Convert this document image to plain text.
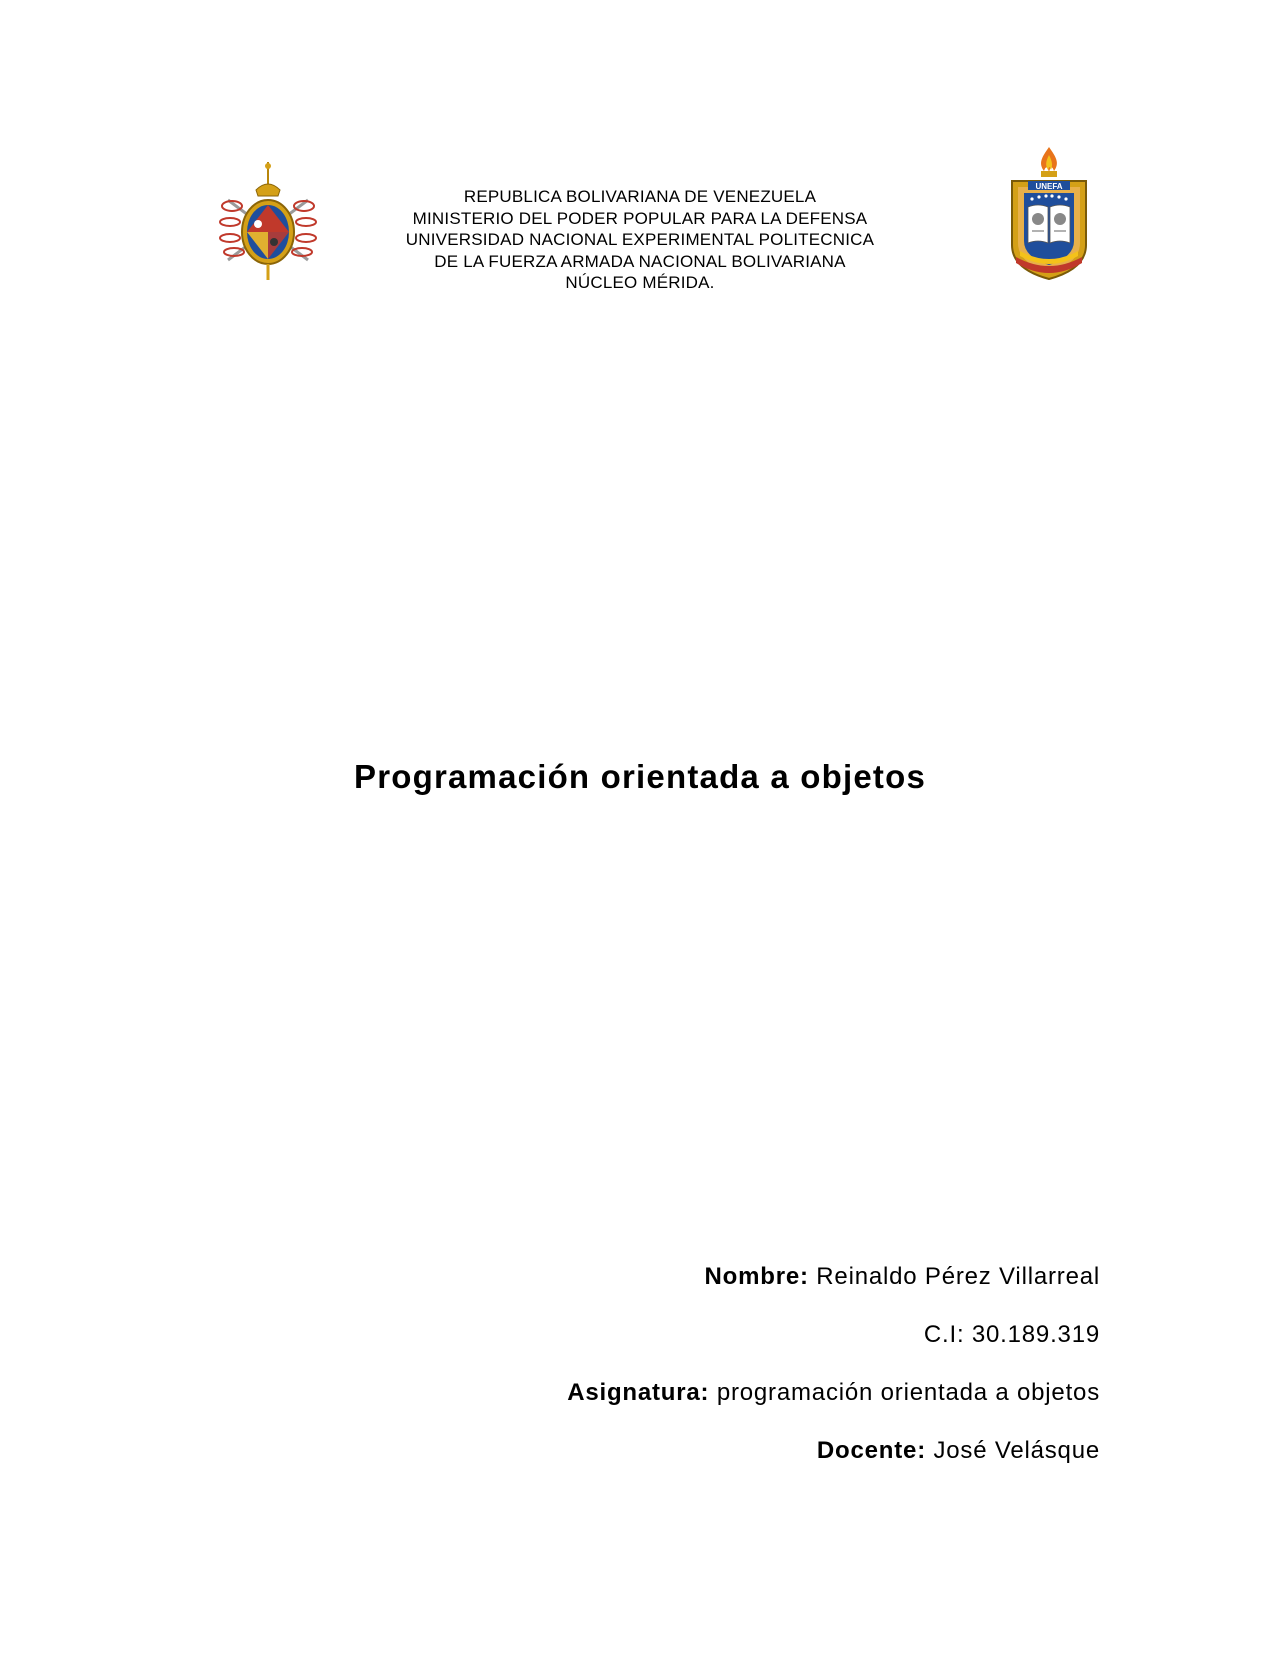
REPUBLICA BOLIVARIANA DE VENEZUELA
MINISTERIO DEL PODER POPULAR PARA LA DEFENSA
UNIVERSIDAD NACIONAL EXPERIMENTAL POLITECNICA
DE LA FUERZA ARMADA NACIONAL BOLIVARIANA
NÚCLEO MÉRIDA.
UNEFA
Programación orientada a objetos
Nombre: Reinaldo Pérez Villarreal
C.I: 30.189.319
Asignatura: programación orientada a objetos
Docente: José Velásque
